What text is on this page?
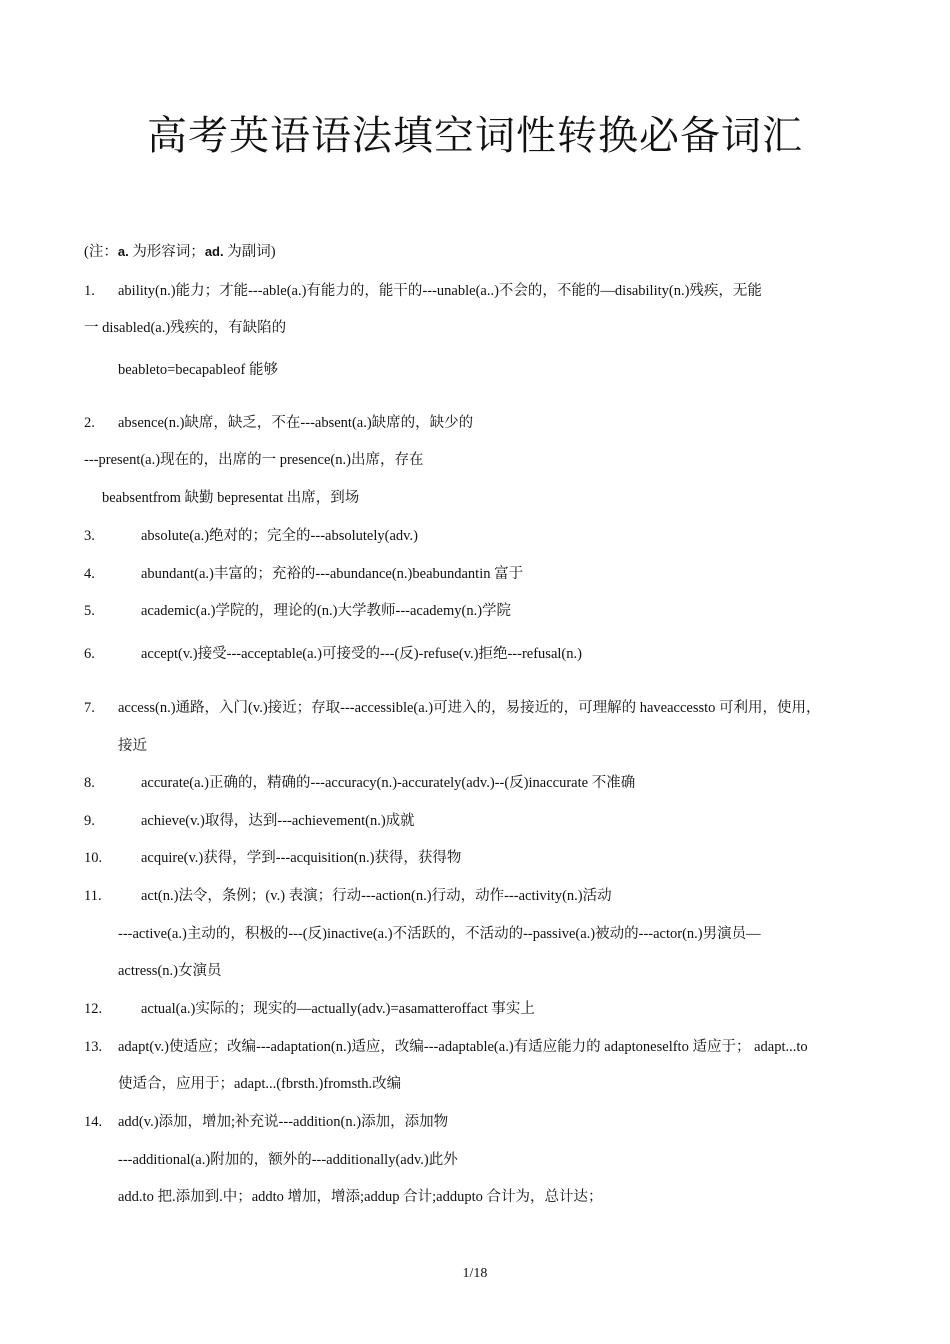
高考英语语法填空词性转换必备词汇
(注：a. 为形容词；ad. 为副词)
1. ability(n.)能力；才能---able(a.)有能力的，能干的---unable(a..)不会的，不能的—disability(n.)残疾，无能
一 disabled(a.)残疾的，有缺陷的
beableto=becapableof 能够
2. absence(n.)缺席，缺乏，不在---absent(a.)缺席的，缺少的
---present(a.)现在的，出席的一 presence(n.)出席，存在
beabsentfrom 缺勤 bepresentat 出席，到场
3.	absolute(a.)绝对的；完全的---absolutely(adv.)
4.	abundant(a.)丰富的；充裕的---abundance(n.)beabundantin 富于
5.	academic(a.)学院的，理论的(n.)大学教师---academy(n.)学院
6.	accept(v.)接受---acceptable(a.)可接受的---(反)-refuse(v.)拒绝---refusal(n.)
7. access(n.)通路，入门(v.)接近；存取---accessible(a.)可进入的，易接近的，可理解的 haveaccessto 可利用，使用，
接近
8.	accurate(a.)正确的，精确的---accuracy(n.)-accurately(adv.)--(反)inaccurate 不准确
9.	achieve(v.)取得，达到---achievement(n.)成就
10.	acquire(v.)获得，学到---acquisition(n.)获得，获得物
11.	act(n.)法令，条例；(v.) 表演；行动---action(n.)行动，动作---activity(n.)活动
---active(a.)主动的，积极的---(反)inactive(a.)不活跃的，不活动的--passive(a.)被动的---actor(n.)男演员—
actress(n.)女演员
12.	actual(a.)实际的；现实的—actually(adv.)=asamatteroffact 事实上
13. adapt(v.)使适应；改编---adaptation(n.)适应，改编---adaptable(a.)有适应能力的 adaptoneselfto 适应于； adapt...to
使适合，应用于；adapt...(fbrsth.)fromsth.改编
14. add(v.)添加，增加;补充说---addition(n.)添加，添加物
---additional(a.)附加的，额外的---additionally(adv.)此外
add.to 把.添加到.中；addto 增加，增添;addup 合计;addupto 合计为，总计达；
1/18
